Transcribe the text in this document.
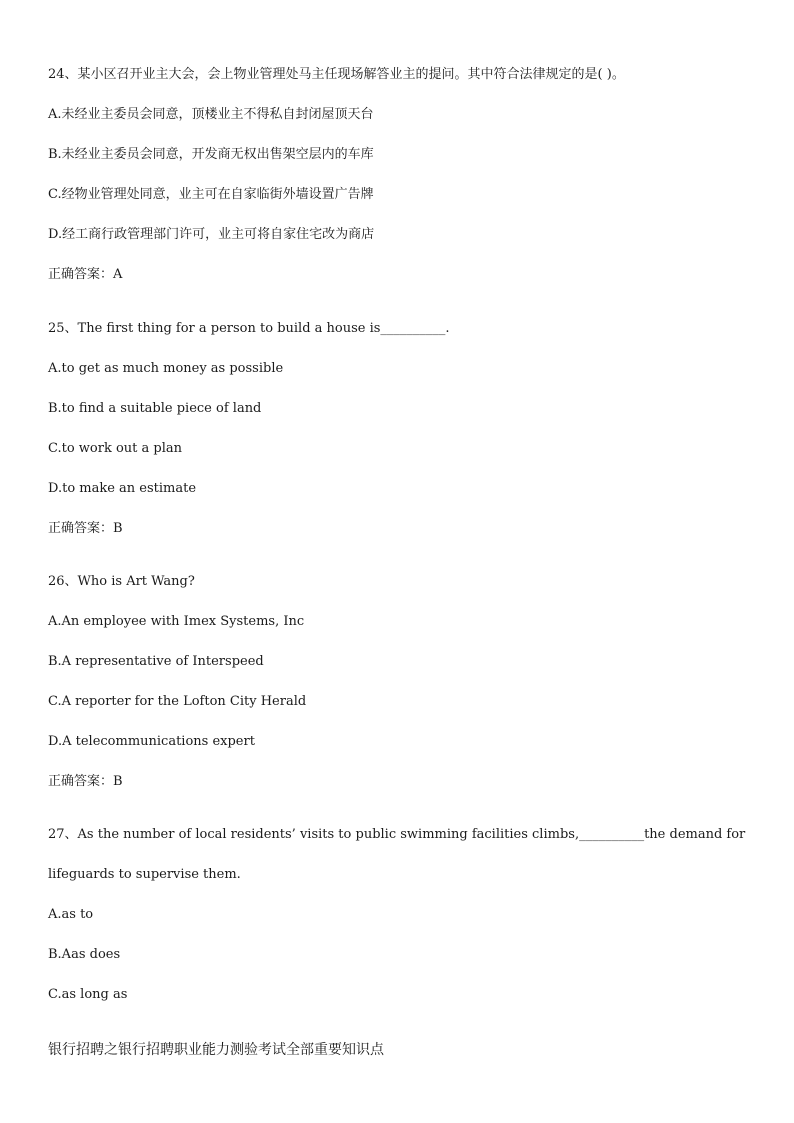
24、某小区召开业主大会，会上物业管理处马主任现场解答业主的提问。其中符合法律规定的是( )。
A.未经业主委员会同意，顶楼业主不得私自封闭屋顶天台
B.未经业主委员会同意，开发商无权出售架空层内的车库
C.经物业管理处同意，业主可在自家临街外墙设置广告牌
D.经工商行政管理部门许可，业主可将自家住宅改为商店
正确答案：A
25、The first thing for a person to build a house is__________.
A.to get as much money as possible
B.to find a suitable piece of land
C.to work out a plan
D.to make an estimate
正确答案：B
26、Who is Art Wang?
A.An employee with Imex Systems, Inc
B.A representative of Interspeed
C.A reporter for the Lofton City Herald
D.A telecommunications expert
正确答案：B
27、As the number of local residents’ visits to public swimming facilities climbs,__________the demand for lifeguards to supervise them.
A.as to
B.Aas does
C.as long as
银行招聘之银行招聘职业能力测验考试全部重要知识点
